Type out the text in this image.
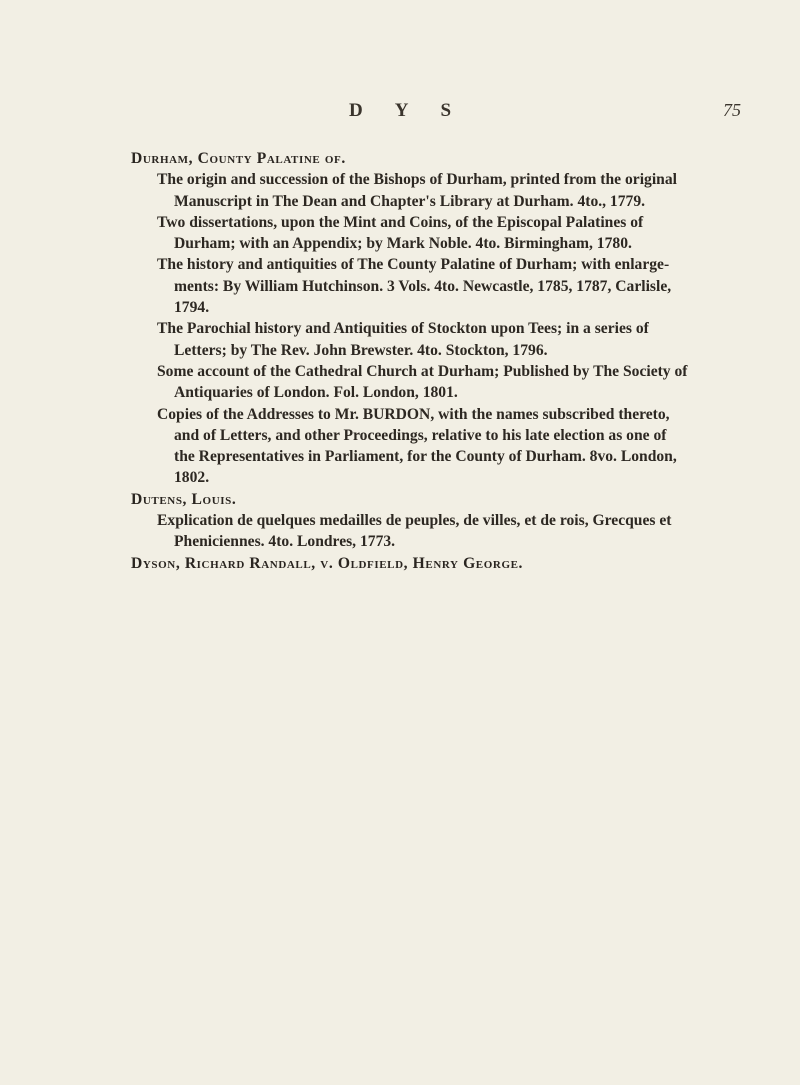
D Y S	75

Durham, County Palatine of.

The origin and succession of the Bishops of Durham, printed from the original Manuscript in The Dean and Chapter's Library at Durham. 4to., 1779.

Two dissertations, upon the Mint and Coins, of the Episcopal Palatines of Durham; with an Appendix; by Mark Noble. 4to. Birmingham, 1780.

The history and antiquities of The County Palatine of Durham; with enlargements: By William Hutchinson. 3 Vols. 4to. Newcastle, 1785, 1787, Carlisle, 1794.

The Parochial history and Antiquities of Stockton upon Tees; in a series of Letters; by The Rev. John Brewster. 4to. Stockton, 1796.

Some account of the Cathedral Church at Durham; Published by The Society of Antiquaries of London. Fol. London, 1801.

Copies of the Addresses to Mr. BURDON, with the names subscribed thereto, and of Letters, and other Proceedings, relative to his late election as one of the Representatives in Parliament, for the County of Durham. 8vo. London, 1802.

Dutens, Louis.

Explication de quelques medailles de peuples, de villes, et de rois, Grecques et Pheniciennes. 4to. Londres, 1773.

Dyson, Richard Randall, v. Oldfield, Henry George.
